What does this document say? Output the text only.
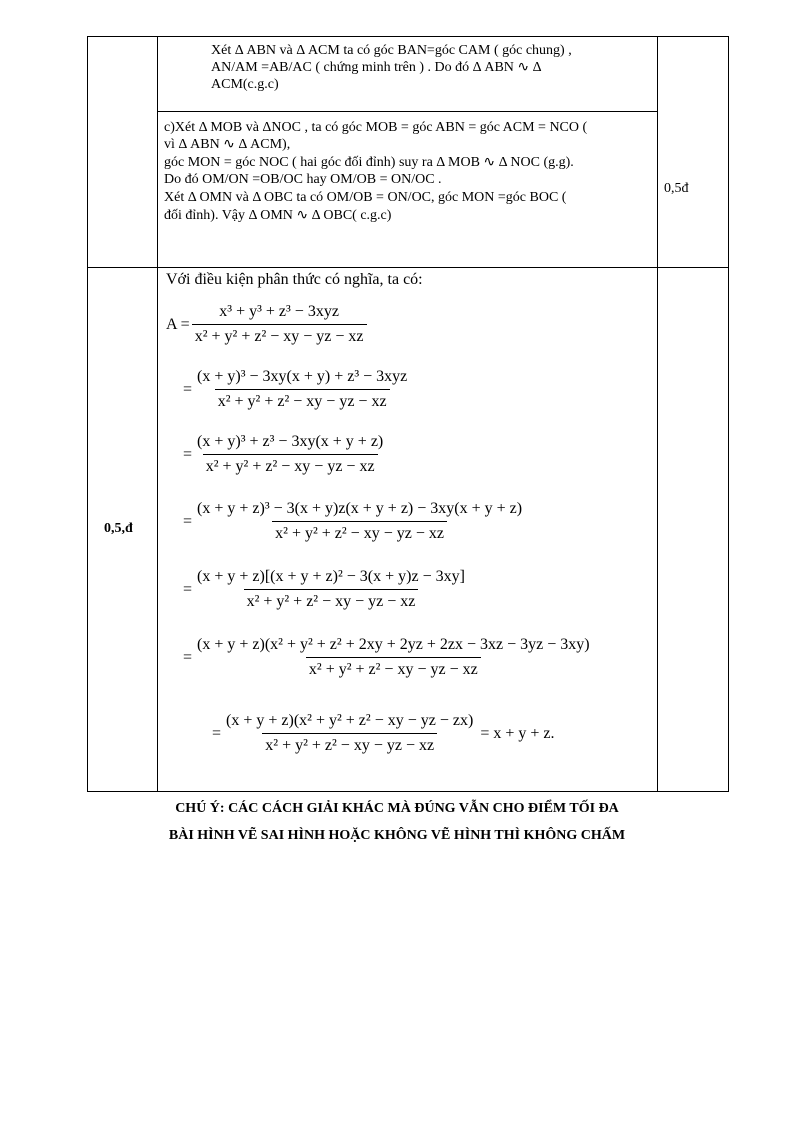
Xét Δ ABN và Δ ACM ta có góc BAN=góc CAM ( góc chung) ,
AN/AM =AB/AC ( chứng minh trên ) . Do đó Δ ABN ∿ Δ
ACM(c.g.c)
c)Xét Δ MOB và ΔNOC , ta có góc MOB = góc ABN = góc ACM = NCO (
vì Δ ABN ∿ Δ ACM),
góc MON = góc NOC ( hai góc đối đỉnh) suy ra Δ MOB ∿ Δ NOC (g.g).
Do đó OM/ON =OB/OC hay OM/OB = ON/OC .
Xét Δ OMN và Δ OBC ta có OM/OB = ON/OC, góc MON =góc BOC (
đối đỉnh). Vậy Δ OMN ∿ Δ OBC( c.g.c)
0,5đ
0,5,đ
Với điều kiện phân thức có nghĩa, ta có:
$A = \frac{\text{x³ + y³ + z³ − 3xyz}}{\text{x² + y² + z² − xy − yz − xz}}$
= $\frac{\text{(x + y)³ − 3xy(x + y) + z³ − 3xyz}}{\text{x² + y² + z² − xy − yz − xz}}$
= $\frac{\text{(x + y)³ + z³ − 3xy(x + y + z)}}{\text{x² + y² + z² − xy − yz − xz}}$
= $\frac{\text{(x + y + z)³ − 3(x + y)z(x + y + z) − 3xy(x + y + z)}}{\text{x² + y² + z² − xy − yz − xz}}$
= $\frac{\text{(x + y + z)[(x + y + z)² − 3(x + y)z − 3xy]}}{\text{x² + y² + z² − xy − yz − xz}}$
=
(x + y + z)(x² + y² + z² + 2xy + 2yz + 2zx − 3xz − 3yz − 3xy)
x² + y² + z² − xy − yz − xz
= $\frac{\text{(x + y + z)(x² + y² + z² − xy − yz − zx)}}{\text{x² + y² + z² − xy − yz − xz}} = x + y + z$.
CHÚ Ý: CÁC CÁCH GIẢI KHÁC MÀ ĐÚNG VẪN CHO ĐIỂM TỐI ĐA
BÀI HÌNH VẼ SAI HÌNH HOẶC KHÔNG VẼ HÌNH THÌ KHÔNG CHẤM
